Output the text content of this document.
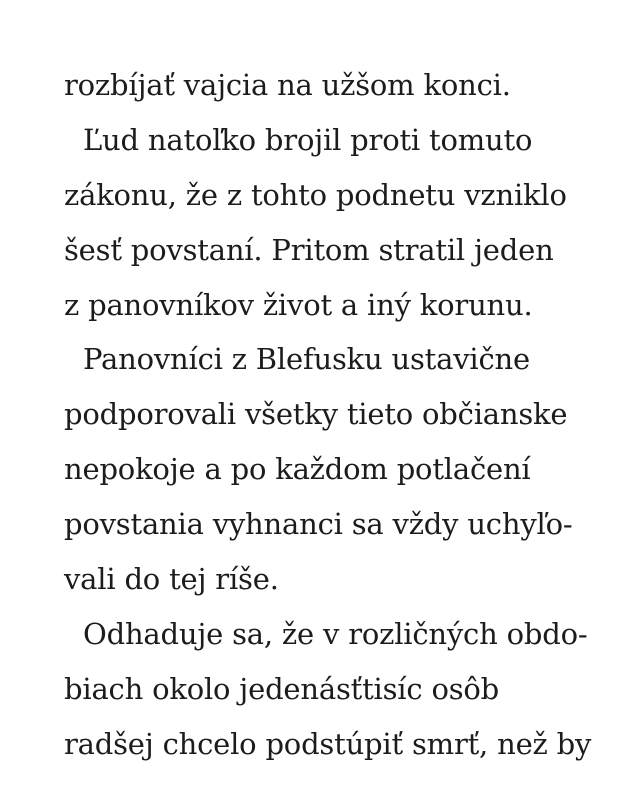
rozbíjať vajcia na užšom konci.
Ľud natoľko brojil proti tomuto
zákonu, že z tohto podnetu vzniklo
šesť povstaní. Pritom stratil jeden
z panovníkov život a iný korunu.
Panovníci z Blefusku ustavične
podporovali všetky tieto občianske
nepokoje a po každom potlačení
povstania vyhnanci sa vždy uchyľo-
vali do tej ríše.
Odhaduje sa, že v rozličných obdo-
biach okolo jedenásťtisíc osôb
radšej chcelo podstúpiť smrť, než by
